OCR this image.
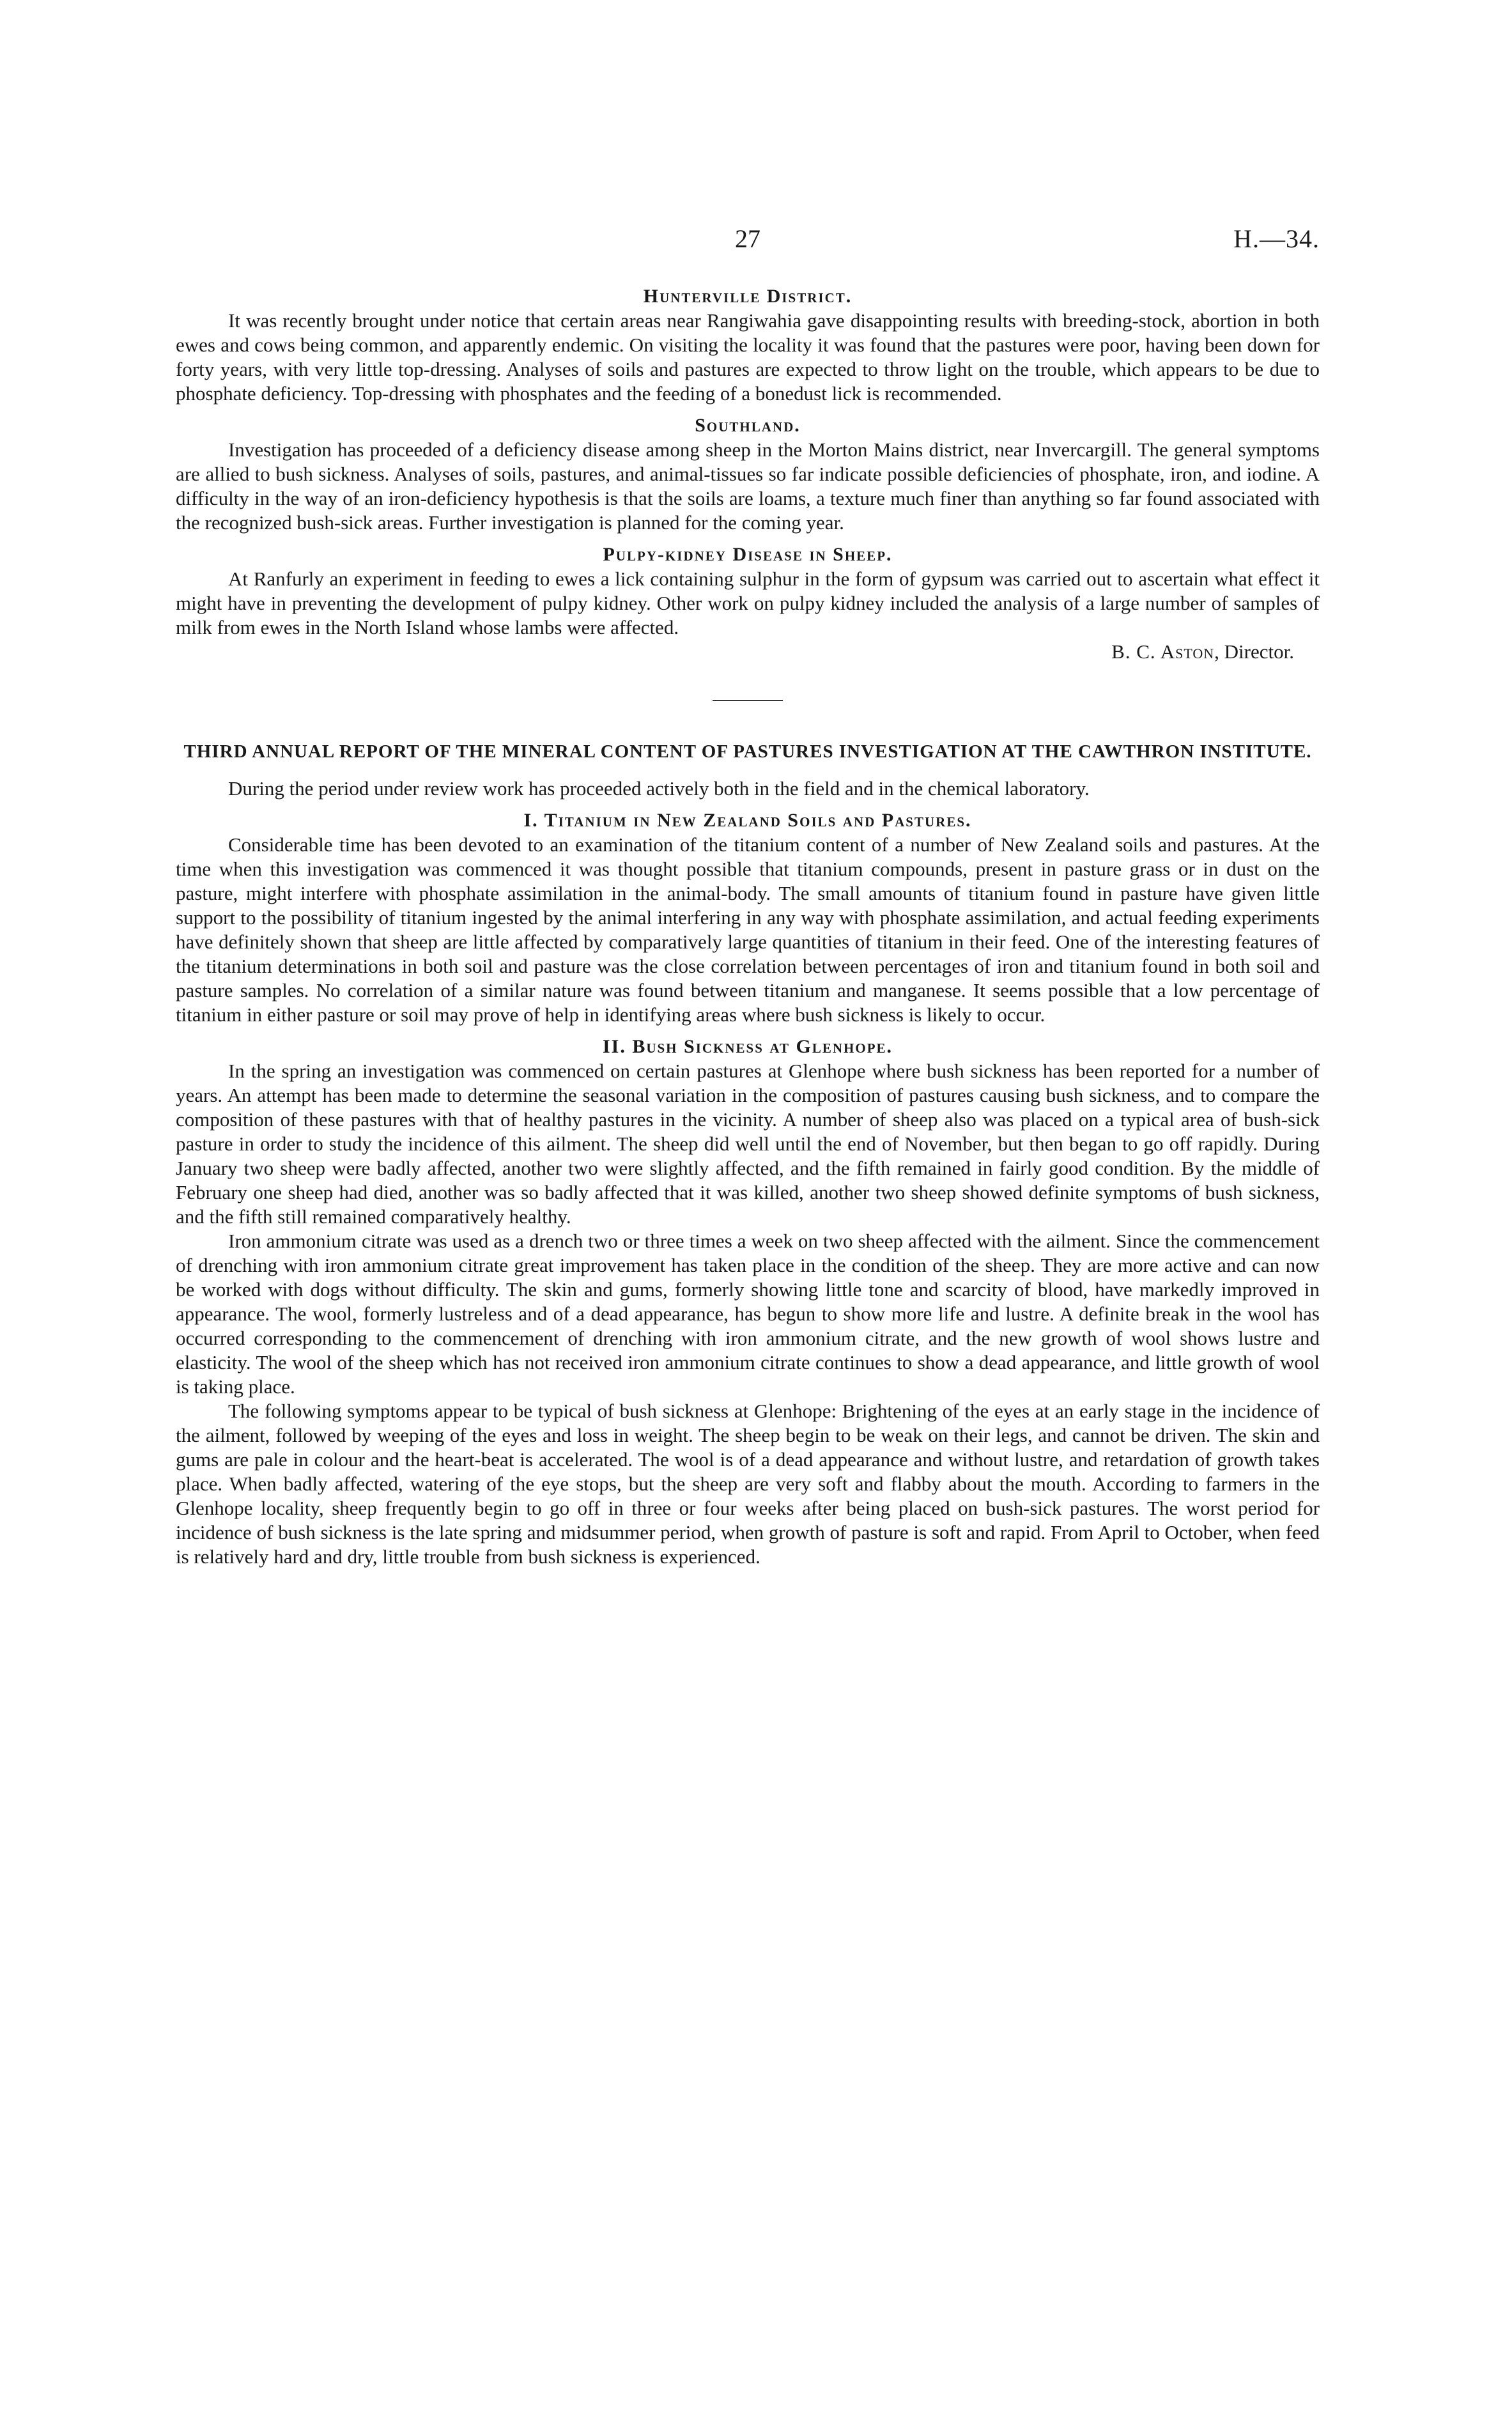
27	H.—34.
Hunterville District.

It was recently brought under notice that certain areas near Rangiwahia gave disappointing results with breeding-stock, abortion in both ewes and cows being common, and apparently endemic. On visiting the locality it was found that the pastures were poor, having been down for forty years, with very little top-dressing. Analyses of soils and pastures are expected to throw light on the trouble, which appears to be due to phosphate deficiency. Top-dressing with phosphates and the feeding of a bonedust lick is recommended.

Southland.

Investigation has proceeded of a deficiency disease among sheep in the Morton Mains district, near Invercargill. The general symptoms are allied to bush sickness. Analyses of soils, pastures, and animal-tissues so far indicate possible deficiencies of phosphate, iron, and iodine. A difficulty in the way of an iron-deficiency hypothesis is that the soils are loams, a texture much finer than anything so far found associated with the recognized bush-sick areas. Further investigation is planned for the coming year.

Pulpy-kidney Disease in Sheep.

At Ranfurly an experiment in feeding to ewes a lick containing sulphur in the form of gypsum was carried out to ascertain what effect it might have in preventing the development of pulpy kidney. Other work on pulpy kidney included the analysis of a large number of samples of milk from ewes in the North Island whose lambs were affected.

B. C. Aston, Director.
THIRD ANNUAL REPORT OF THE MINERAL CONTENT OF PASTURES INVESTIGATION AT THE CAWTHRON INSTITUTE.

During the period under review work has proceeded actively both in the field and in the chemical laboratory.

I. Titanium in New Zealand Soils and Pastures.

Considerable time has been devoted to an examination of the titanium content of a number of New Zealand soils and pastures. At the time when this investigation was commenced it was thought possible that titanium compounds, present in pasture grass or in dust on the pasture, might interfere with phosphate assimilation in the animal-body. The small amounts of titanium found in pasture have given little support to the possibility of titanium ingested by the animal interfering in any way with phosphate assimilation, and actual feeding experiments have definitely shown that sheep are little affected by comparatively large quantities of titanium in their feed. One of the interesting features of the titanium determinations in both soil and pasture was the close correlation between percentages of iron and titanium found in both soil and pasture samples. No correlation of a similar nature was found between titanium and manganese. It seems possible that a low percentage of titanium in either pasture or soil may prove of help in identifying areas where bush sickness is likely to occur.

II. Bush Sickness at Glenhope.

In the spring an investigation was commenced on certain pastures at Glenhope where bush sickness has been reported for a number of years. An attempt has been made to determine the seasonal variation in the composition of pastures causing bush sickness, and to compare the composition of these pastures with that of healthy pastures in the vicinity. A number of sheep also was placed on a typical area of bush-sick pasture in order to study the incidence of this ailment. The sheep did well until the end of November, but then began to go off rapidly. During January two sheep were badly affected, another two were slightly affected, and the fifth remained in fairly good condition. By the middle of February one sheep had died, another was so badly affected that it was killed, another two sheep showed definite symptoms of bush sickness, and the fifth still remained comparatively healthy.

Iron ammonium citrate was used as a drench two or three times a week on two sheep affected with the ailment. Since the commencement of drenching with iron ammonium citrate great improvement has taken place in the condition of the sheep. They are more active and can now be worked with dogs without difficulty. The skin and gums, formerly showing little tone and scarcity of blood, have markedly improved in appearance. The wool, formerly lustreless and of a dead appearance, has begun to show more life and lustre. A definite break in the wool has occurred corresponding to the commencement of drenching with iron ammonium citrate, and the new growth of wool shows lustre and elasticity. The wool of the sheep which has not received iron ammonium citrate continues to show a dead appearance, and little growth of wool is taking place.

The following symptoms appear to be typical of bush sickness at Glenhope: Brightening of the eyes at an early stage in the incidence of the ailment, followed by weeping of the eyes and loss in weight. The sheep begin to be weak on their legs, and cannot be driven. The skin and gums are pale in colour and the heart-beat is accelerated. The wool is of a dead appearance and without lustre, and retardation of growth takes place. When badly affected, watering of the eye stops, but the sheep are very soft and flabby about the mouth. According to farmers in the Glenhope locality, sheep frequently begin to go off in three or four weeks after being placed on bush-sick pastures. The worst period for incidence of bush sickness is the late spring and midsummer period, when growth of pasture is soft and rapid. From April to October, when feed is relatively hard and dry, little trouble from bush sickness is experienced.
